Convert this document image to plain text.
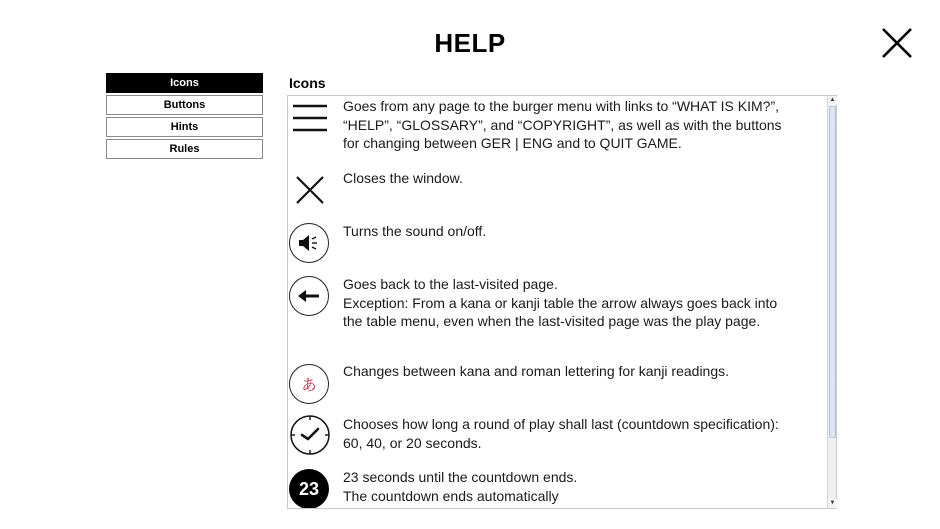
HELP
Icons
Buttons
Hints
Rules
Icons

Goes from any page to the burger menu with links to “WHAT IS KIM?”,

“HELP”, “GLOSSARY”, and “COPYRIGHT”, as well as with the buttons

for changing between GER | ENG and to QUIT GAME.

Closes the window.

Turns the sound on/off.

Goes back to the last-visited page.

Exception: From a kana or kanji table the arrow always goes back into

the table menu, even when the last-visited page was the play page.

あ

Changes between kana and roman lettering for kanji readings.

Chooses how long a round of play shall last (countdown specification):

60, 40, or 20 seconds.

23

23 seconds until the countdown ends.

The countdown ends automatically

▲
▼
